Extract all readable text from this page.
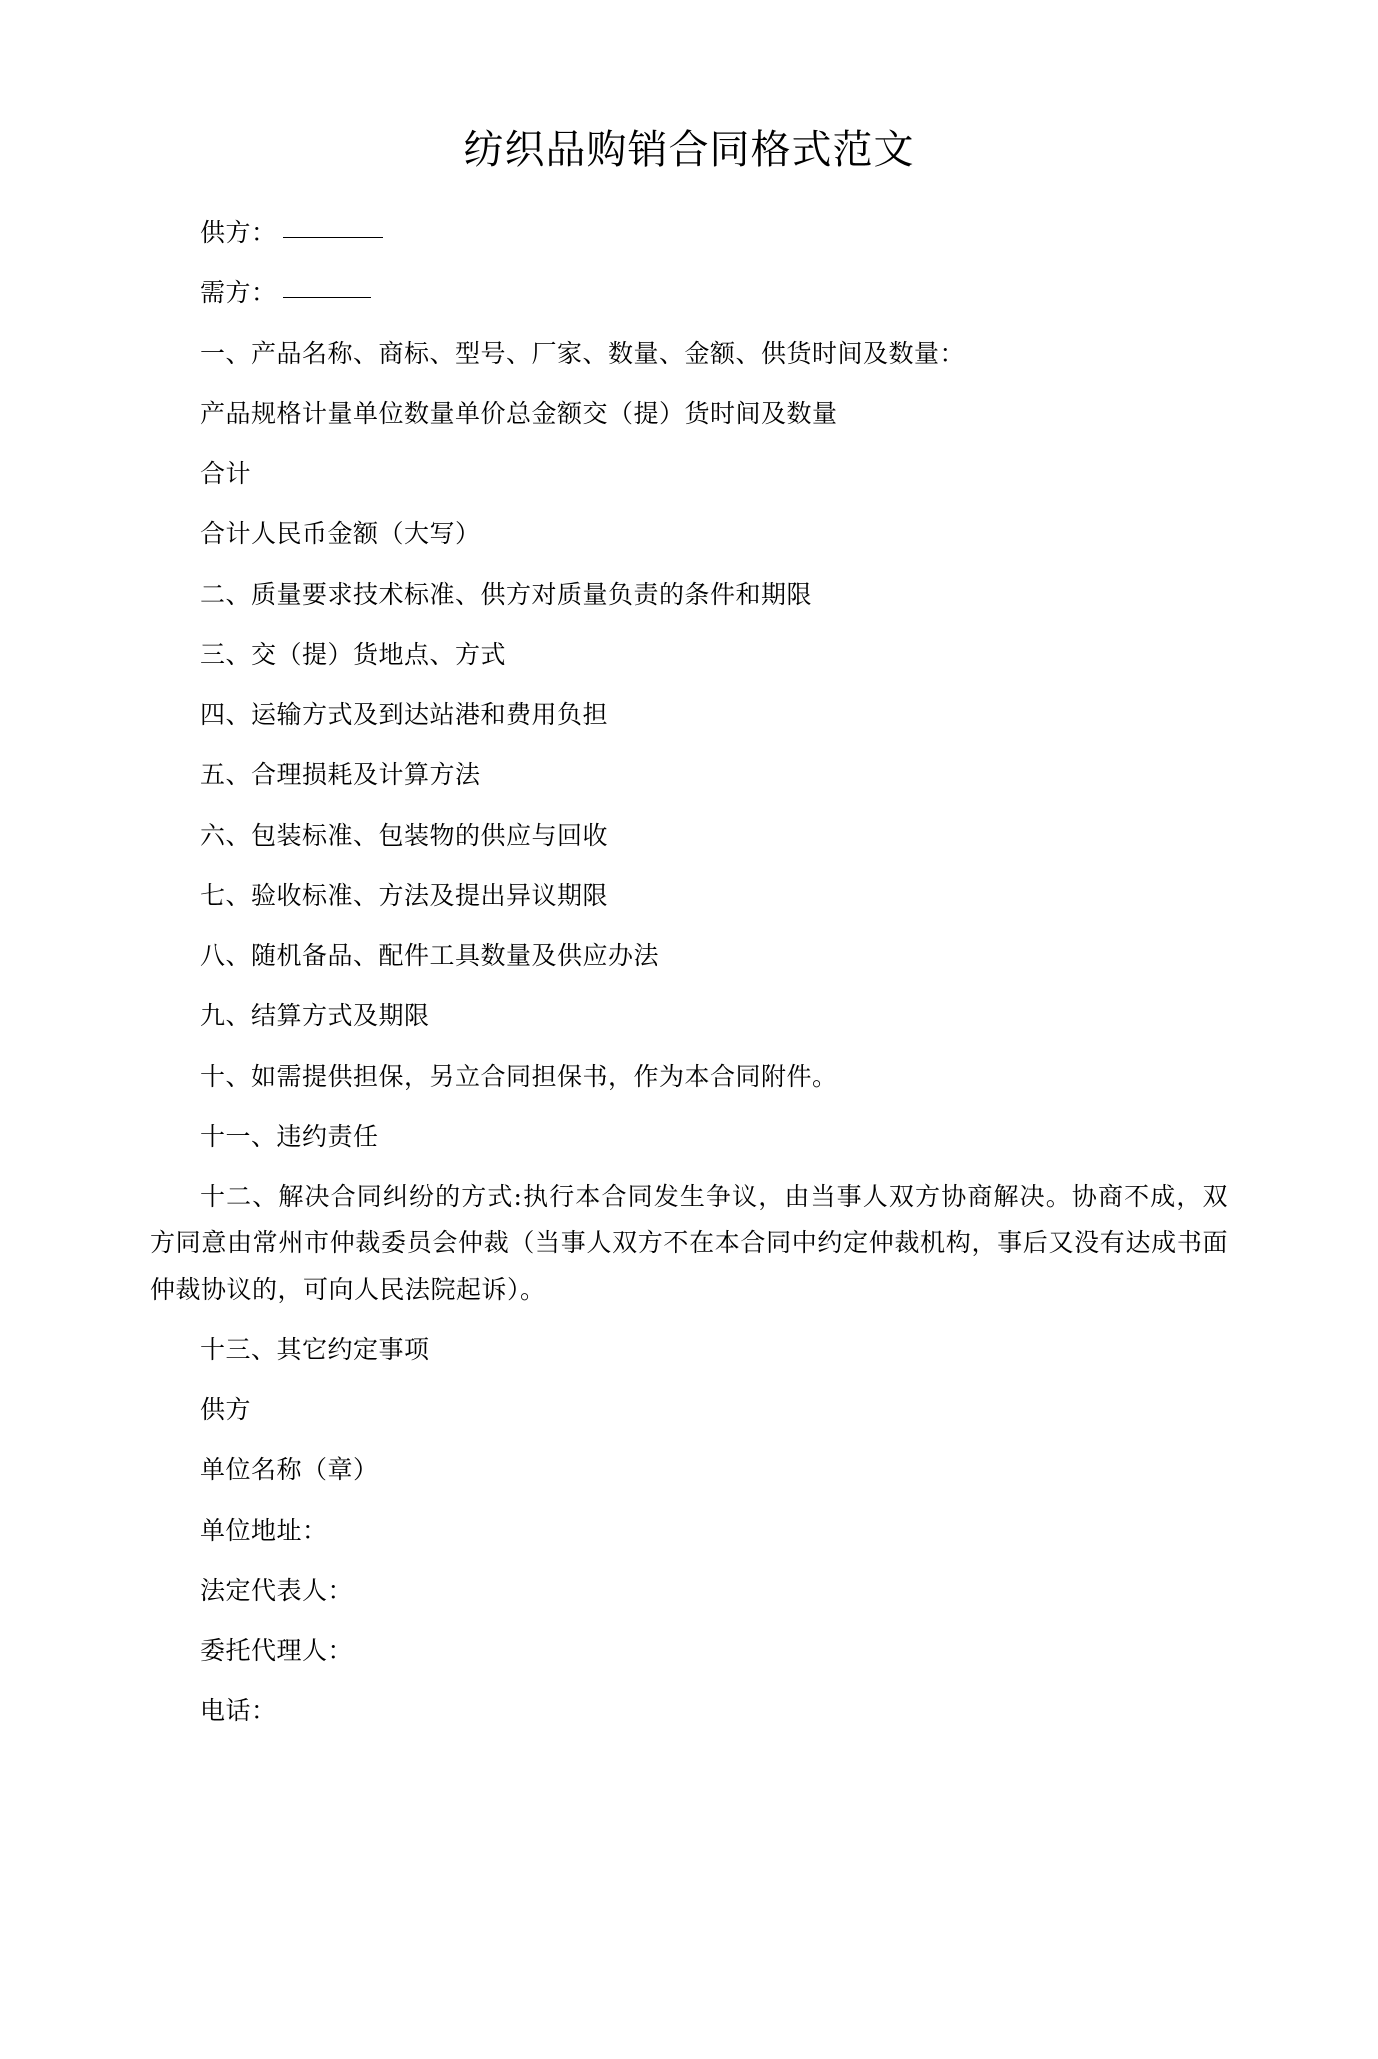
纺织品购销合同格式范文

供方：

需方：

一、产品名称、商标、型号、厂家、数量、金额、供货时间及数量：

产品规格计量单位数量单价总金额交（提）货时间及数量

合计

合计人民币金额（大写）

二、质量要求技术标准、供方对质量负责的条件和期限

三、交（提）货地点、方式

四、运输方式及到达站港和费用负担

五、合理损耗及计算方法

六、包装标准、包装物的供应与回收

七、验收标准、方法及提出异议期限

八、随机备品、配件工具数量及供应办法

九、结算方式及期限

十、如需提供担保，另立合同担保书，作为本合同附件。

十一、违约责任

十二、解决合同纠纷的方式:执行本合同发生争议，由当事人双方协商解决。协商不成，双方同意由常州市仲裁委员会仲裁（当事人双方不在本合同中约定仲裁机构，事后又没有达成书面仲裁协议的，可向人民法院起诉）。

十三、其它约定事项

供方

单位名称（章）

单位地址：

法定代表人：

委托代理人：

电话：
